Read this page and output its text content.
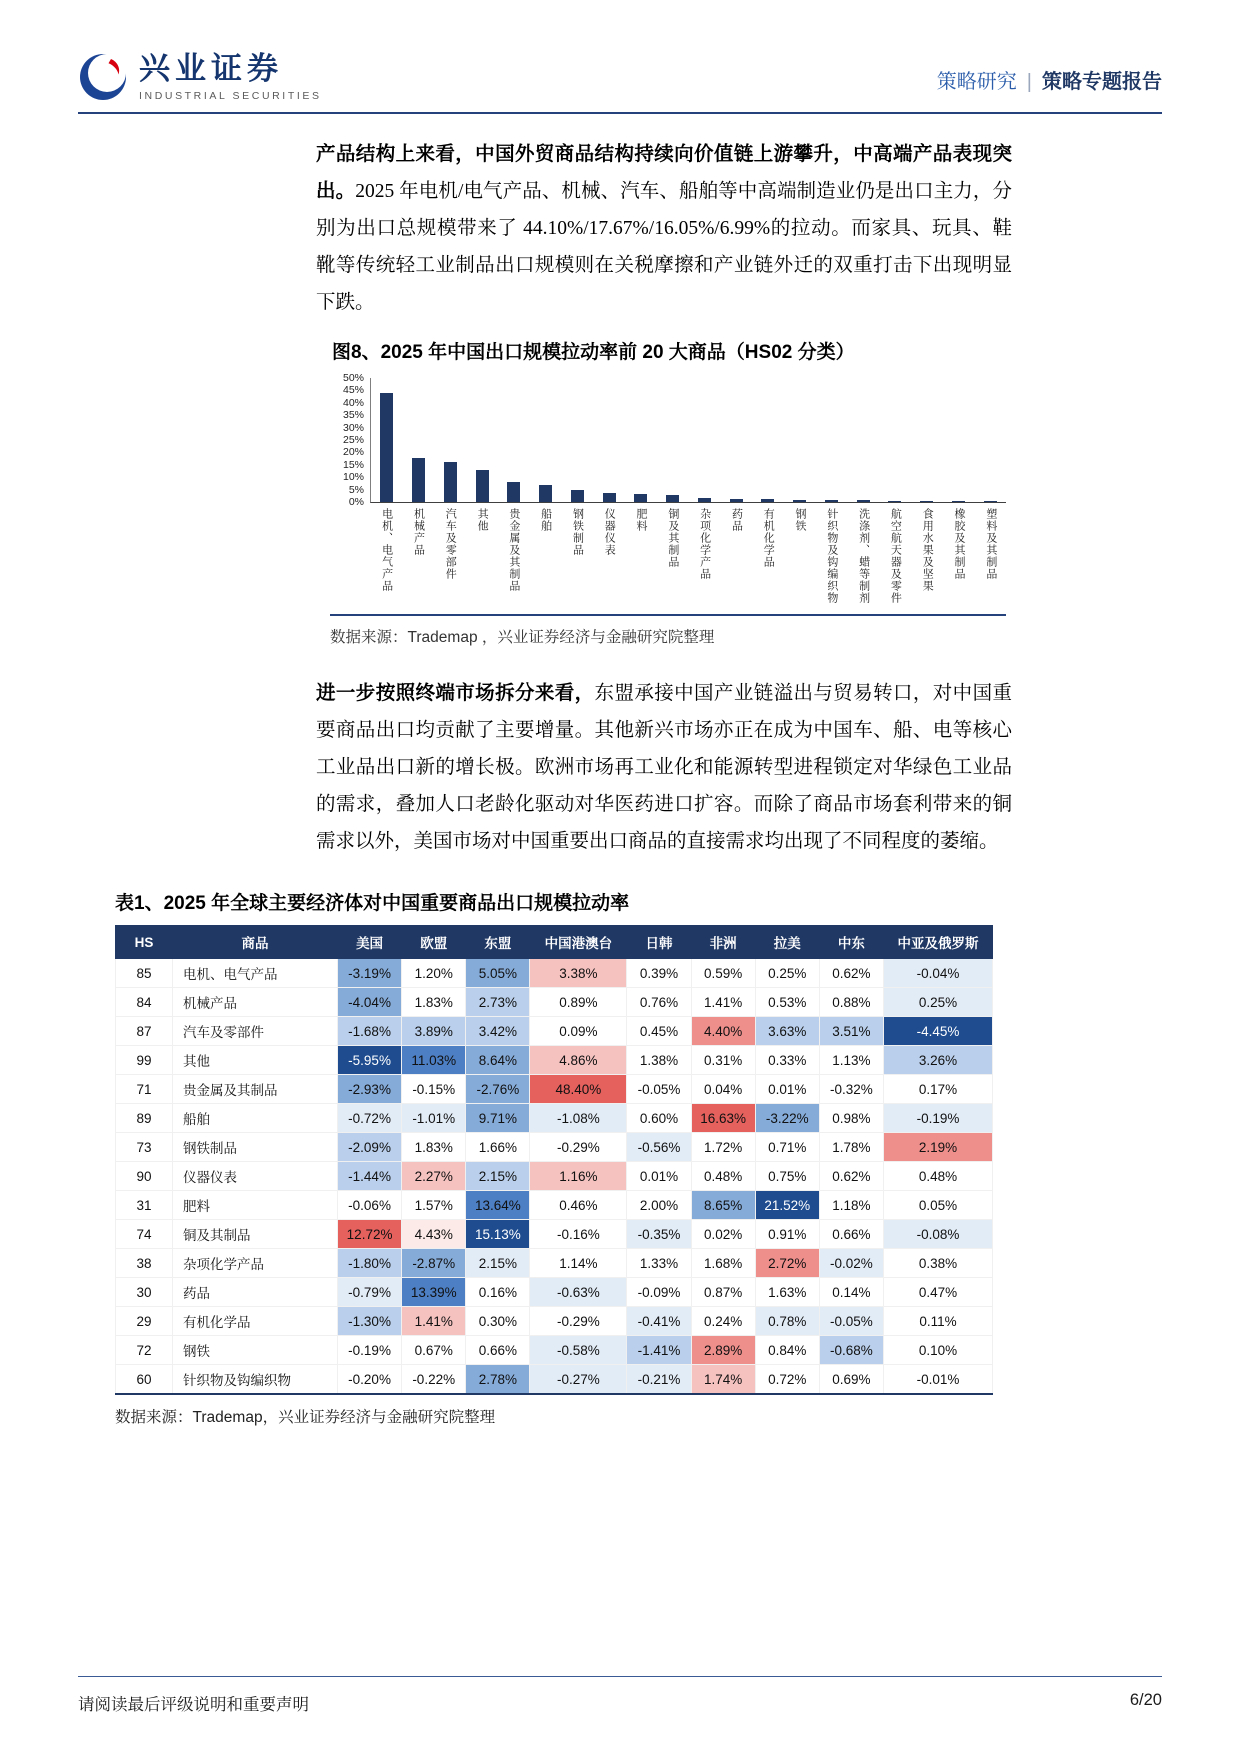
兴业证券
INDUSTRIAL SECURITIES
策略研究 | 策略专题报告

产品结构上来看，中国外贸商品结构持续向价值链上游攀升，中高端产品表现突出。2025 年电机/电气产品、机械、汽车、船舶等中高端制造业仍是出口主力，分别为出口总规模带来了 44.10%/17.67%/16.05%/6.99%的拉动。而家具、玩具、鞋靴等传统轻工业制品出口规模则在关税摩擦和产业链外迁的双重打击下出现明显下跌。

图8、2025 年中国出口规模拉动率前 20 大商品（HS02 分类）
0%
5%
10%
15%
20%
25%
30%
35%
40%
45%
50%
电机、电气产品 机械产品 汽车及零部件 其他 贵金属及其制品 船舶 钢铁制品 仪器仪表 肥料 铜及其制品 杂项化学产品 药品 有机化学品 钢铁 针织物及钩编织物 洗涤剂、蜡等制剂 航空航天器及零件 食用水果及坚果 橡胶及其制品 塑料及其制品
数据来源：Trademap ，兴业证券经济与金融研究院整理

进一步按照终端市场拆分来看，东盟承接中国产业链溢出与贸易转口，对中国重要商品出口均贡献了主要增量。其他新兴市场亦正在成为中国车、船、电等核心工业品出口新的增长极。欧洲市场再工业化和能源转型进程锁定对华绿色工业品的需求，叠加人口老龄化驱动对华医药进口扩容。而除了商品市场套利带来的铜需求以外，美国市场对中国重要出口商品的直接需求均出现了不同程度的萎缩。

表1、2025 年全球主要经济体对中国重要商品出口规模拉动率
HS	商品	美国	欧盟	东盟	中国港澳台	日韩	非洲	拉美	中东	中亚及俄罗斯
85	电机、电气产品	-3.19%	1.20%	5.05%	3.38%	0.39%	0.59%	0.25%	0.62%	-0.04%
84	机械产品	-4.04%	1.83%	2.73%	0.89%	0.76%	1.41%	0.53%	0.88%	0.25%
87	汽车及零部件	-1.68%	3.89%	3.42%	0.09%	0.45%	4.40%	3.63%	3.51%	-4.45%
99	其他	-5.95%	11.03%	8.64%	4.86%	1.38%	0.31%	0.33%	1.13%	3.26%
71	贵金属及其制品	-2.93%	-0.15%	-2.76%	48.40%	-0.05%	0.04%	0.01%	-0.32%	0.17%
89	船舶	-0.72%	-1.01%	9.71%	-1.08%	0.60%	16.63%	-3.22%	0.98%	-0.19%
73	钢铁制品	-2.09%	1.83%	1.66%	-0.29%	-0.56%	1.72%	0.71%	1.78%	2.19%
90	仪器仪表	-1.44%	2.27%	2.15%	1.16%	0.01%	0.48%	0.75%	0.62%	0.48%
31	肥料	-0.06%	1.57%	13.64%	0.46%	2.00%	8.65%	21.52%	1.18%	0.05%
74	铜及其制品	12.72%	4.43%	15.13%	-0.16%	-0.35%	0.02%	0.91%	0.66%	-0.08%
38	杂项化学产品	-1.80%	-2.87%	2.15%	1.14%	1.33%	1.68%	2.72%	-0.02%	0.38%
30	药品	-0.79%	13.39%	0.16%	-0.63%	-0.09%	0.87%	1.63%	0.14%	0.47%
29	有机化学品	-1.30%	1.41%	0.30%	-0.29%	-0.41%	0.24%	0.78%	-0.05%	0.11%
72	钢铁	-0.19%	0.67%	0.66%	-0.58%	-1.41%	2.89%	0.84%	-0.68%	0.10%
60	针织物及钩编织物	-0.20%	-0.22%	2.78%	-0.27%	-0.21%	1.74%	0.72%	0.69%	-0.01%
数据来源：Trademap，兴业证券经济与金融研究院整理
请阅读最后评级说明和重要声明	6/20
